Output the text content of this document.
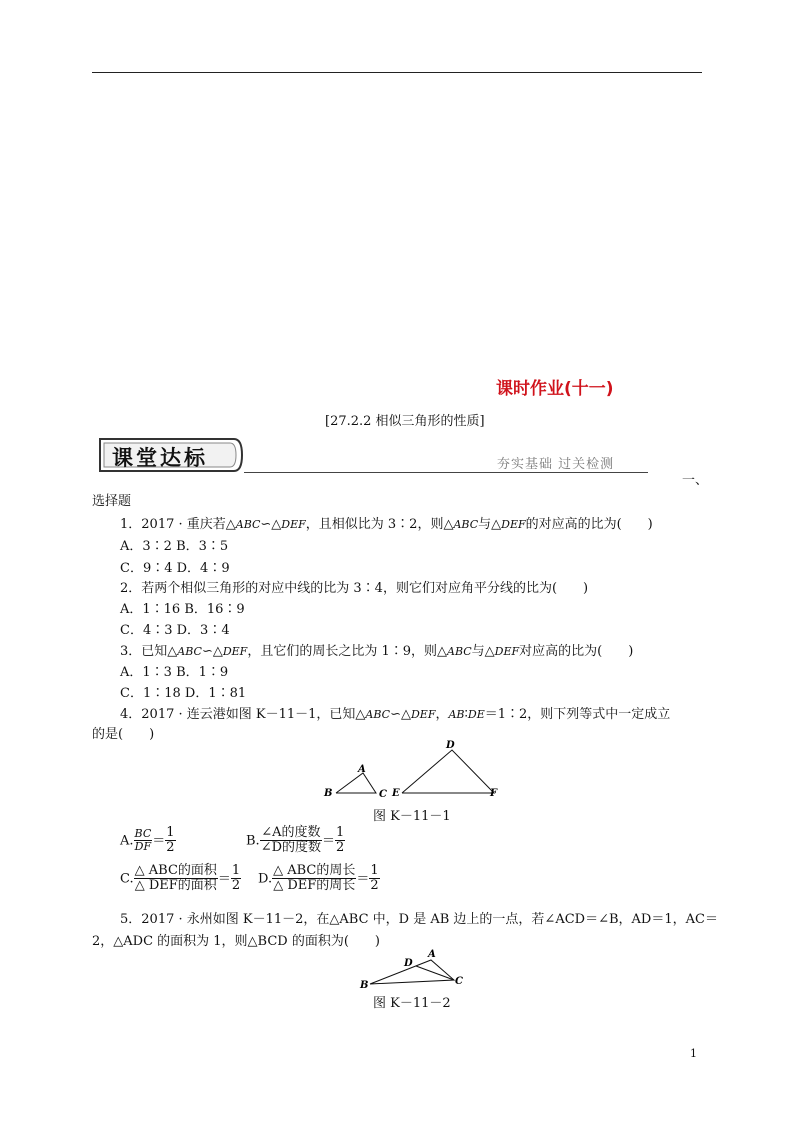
课时作业(十一)
[27.2.2 相似三角形的性质]
课堂达标	夯实基础 过关检测
一、
选择题
1．2017 · 重庆若△ABC∽△DEF，且相似比为 3∶2，则△ABC与△DEF的对应高的比为(　　)
A．3∶2 B．3∶5
C．9∶4 D．4∶9
2．若两个相似三角形的对应中线的比为 3∶4，则它们对应角平分线的比为(　　)
A．1∶16 B．16∶9
C．4∶3 D．3∶4
3．已知△ABC∽△DEF，且它们的周长之比为 1∶9，则△ABC与△DEF对应高的比为(　　)
A．1∶3 B．1∶9
C．1∶18 D．1∶81
4．2017 · 连云港如图 K－11－1，已知△ABC∽△DEF，AB∶DE＝1∶2，则下列等式中一定成立
的是(　　)
A
B	C
D
E	F
图 K－11－1
A. $\frac{BC}{DF} = \frac{1}{2}$	B. $\frac{\text{∠A的度数}}{\text{∠D的度数}} = \frac{1}{2}$
C. $\frac{\text{△ ABC的面积}}{\text{△ DEF的面积}} = \frac{1}{2} D$. $\frac{\text{△ ABC的周长}}{\text{△ DEF的周长}} = \frac{1}{2}$
5．2017 · 永州如图 K－11－2，在△ABC 中，D 是 AB 边上的一点，若∠ACD＝∠B，AD＝1，AC＝
2，△ADC 的面积为 1，则△BCD 的面积为(　　)
D
A
B	C
图 K－11－2
1
